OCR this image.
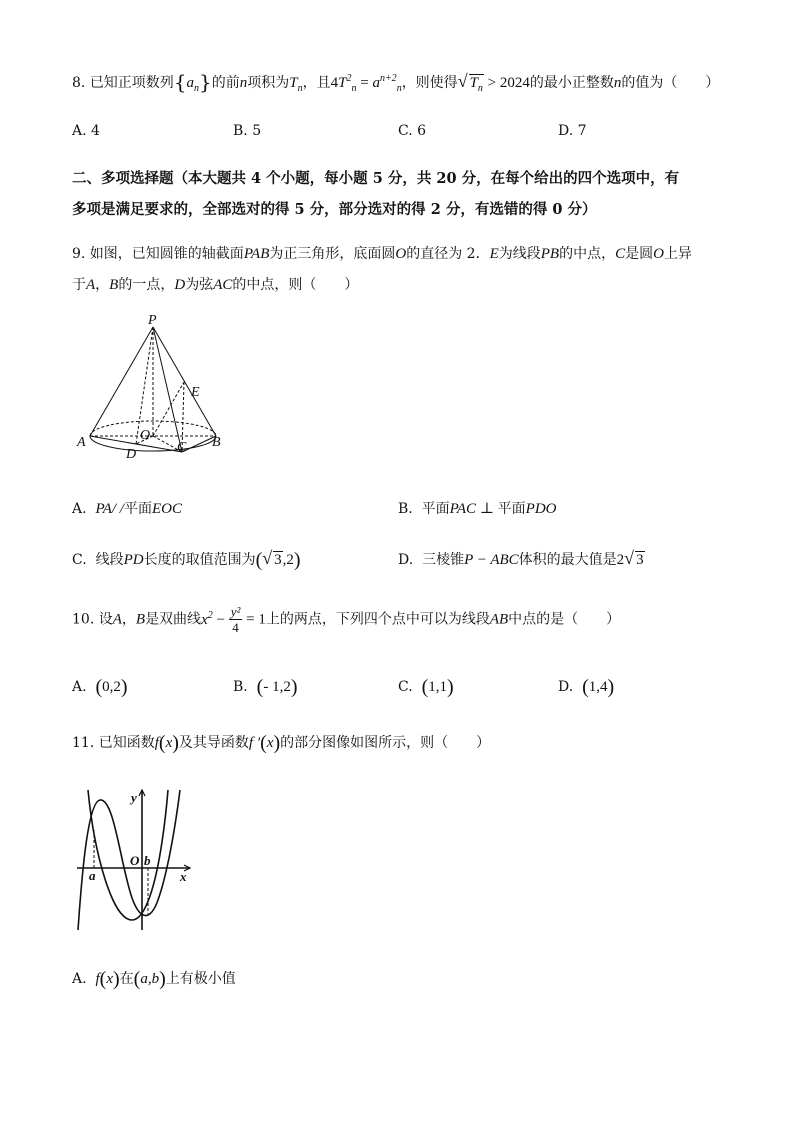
8. 已知正项数列$\{a_n\}$的前n项积为$T_n$，且$4T^2_n = a^{n+2}_n$，则使得√ $T_n > 2024$的最小正整数n的值为（　　）
A. 4	B. 5	C. 6	D. 7
二、多项选择题（本大题共 4 个小题，每小题 5 分，共 20 分，在每个给出的四个选项中，有
多项是满足要求的，全部选对的得 5 分，部分选对的得 2 分，有选错的得 0 分）
9. 如图，已知圆锥的轴截面PAB为正三角形，底面圆O的直径为 2．E为线段PB的中点，C是圆O上异
于A，B的一点，D为弦AC的中点，则（　　）
P
E
A	O	B
D	C
A. PA/ /平面EOC	B. 平面PAC ⊥ 平面PDO
C. 线段PD长度的取值范围为(√ 3,2)	D. 三棱锥P − ABC体积的最大值是2√ 3
10. 设A，B是双曲线$x^2 - \frac{\text{y²}}{4} = 1$上的两点，下列四个点中可以为线段AB中点的是（　　）
A. (0,2)	B. (- 1,2)	C. (1,1)	D. (1,4)
11. 已知函数f(x)及其导函数f ′(x)的部分图像如图所示，则（　　）
y
x
O b
a
A. f(x)在(a,b)上有极小值
